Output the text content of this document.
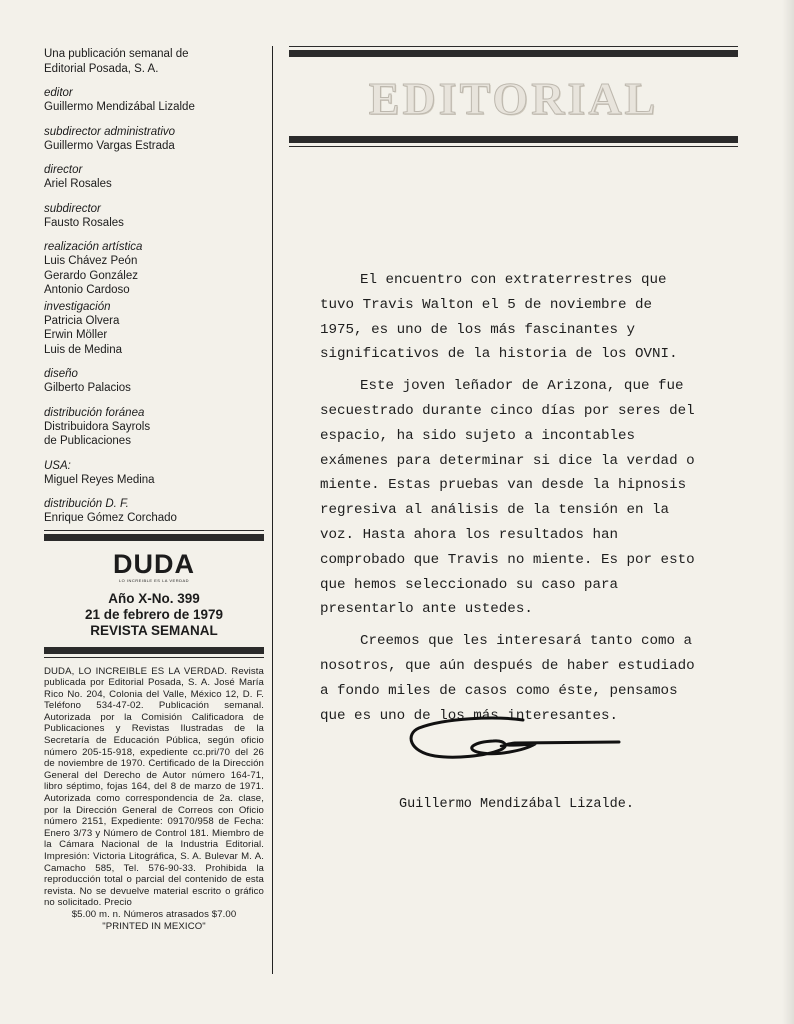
Una publicación semanal de
Editorial Posada, S. A.
editor
Guillermo Mendizábal Lizalde
subdirector administrativo
Guillermo Vargas Estrada
director
Ariel Rosales
subdirector
Fausto Rosales
realización artística
Luis Chávez Peón
Gerardo González
Antonio Cardoso
investigación
Patricia Olvera
Erwin Möller
Luis de Medina
diseño
Gilberto Palacios
distribución foránea
Distribuidora Sayrols
de Publicaciones
USA:
Miguel Reyes Medina
distribución D. F.
Enrique Gómez Corchado
DUDA
LO INCREIBLE ES LA VERDAD
Año X-No. 399
21 de febrero de 1979
REVISTA SEMANAL
DUDA, LO INCREIBLE ES LA VERDAD. Revista publicada por Editorial Posada, S. A. José María Rico No. 204, Colonia del Valle, México 12, D. F. Teléfono 534-47-02. Publicación semanal. Autorizada por la Comisión Calificadora de Publicaciones y Revistas Ilustradas de la Secretaría de Educación Pública, según oficio número 205-15-918, expediente cc.pri/70 del 26 de noviembre de 1970. Certificado de la Dirección General del Derecho de Autor número 164-71, libro séptimo, fojas 164, del 8 de marzo de 1971. Autorizada como correspondencia de 2a. clase, por la Dirección General de Correos con Oficio número 2151, Expediente: 09170/958 de Fecha: Enero 3/73 y Número de Control 181. Miembro de la Cámara Nacional de la Industria Editorial. Impresión: Victoria Litográfica, S. A. Bulevar M. A. Camacho 585, Tel. 576-90-33. Prohibida la reproducción total o parcial del contenido de esta revista. No se devuelve material escrito o gráfico no solicitado. Precio
$5.00 m. n. Números atrasados $7.00
"PRINTED IN MEXICO"
EDITORIAL

El encuentro con extraterrestres que tuvo Travis Walton el 5 de noviembre de 1975, es uno de los más fascinantes y significativos de la historia de los OVNI.

Este joven leñador de Arizona, que fue secuestrado durante cinco días por seres del espacio, ha sido sujeto a incontables exámenes para determinar si dice la verdad o miente. Estas pruebas van desde la hipnosis regresiva al análisis de la tensión en la voz. Hasta ahora los resultados han comprobado que Travis no miente. Es por esto que hemos seleccionado su caso para presentarlo ante ustedes.

Creemos que les interesará tanto como a nosotros, que aún después de haber estudiado a fondo miles de casos como éste, pensamos que es uno de los más interesantes.

Guillermo Mendizábal Lizalde.
